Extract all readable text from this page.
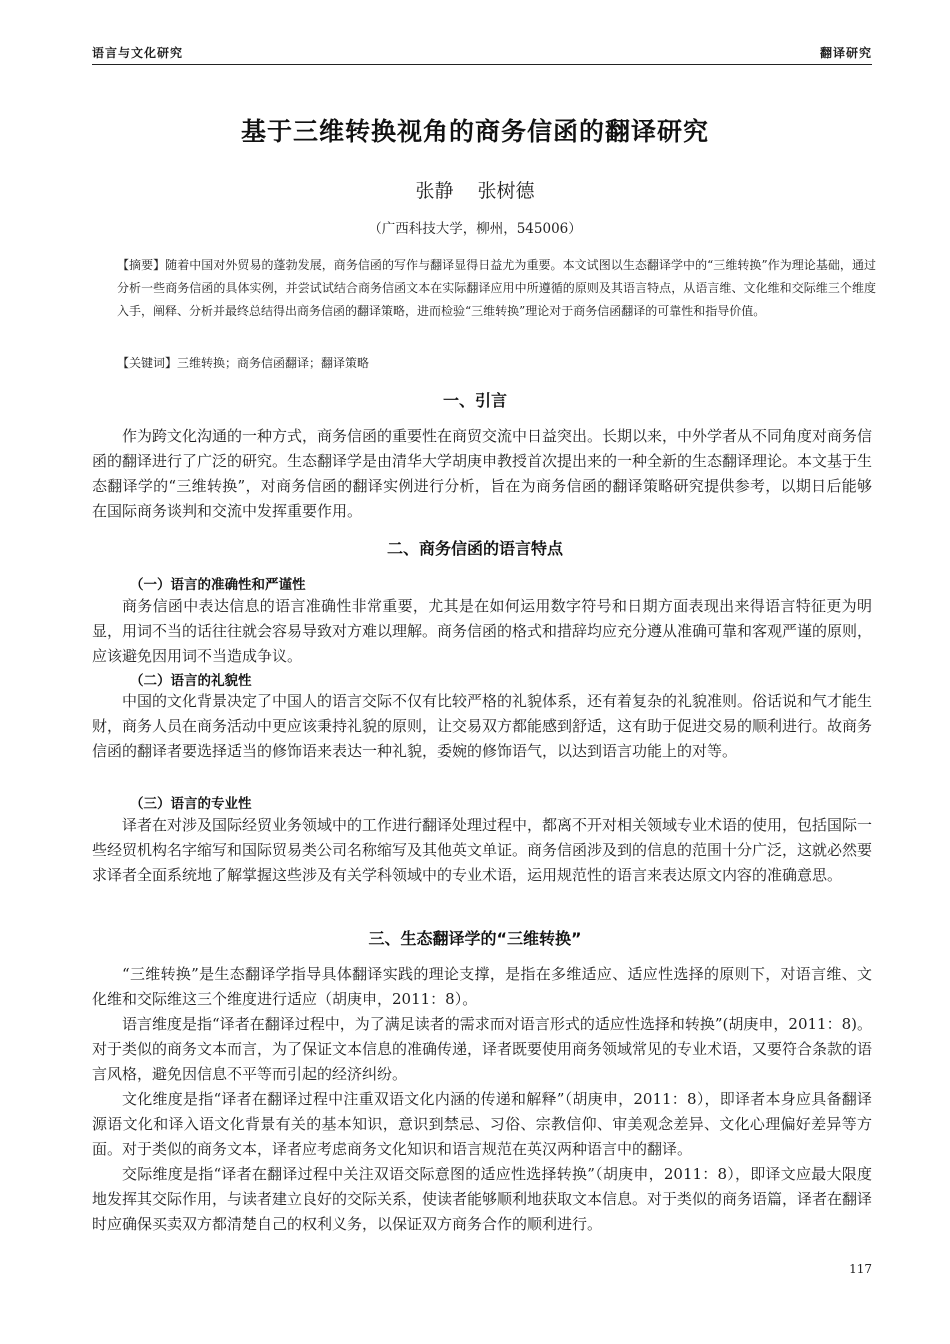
语言与文化研究	翻译研究
基于三维转换视角的商务信函的翻译研究
张静 张树德
（广西科技大学，柳州，545006）

【摘要】随着中国对外贸易的蓬勃发展，商务信函的写作与翻译显得日益尤为重要。本文试图以生态翻译学中的“三维转换”作为理论基础，通过分析一些商务信函的具体实例，并尝试试结合商务信函文本在实际翻译应用中所遵循的原则及其语言特点，从语言维、文化维和交际维三个维度入手，阐释、分析并最终总结得出商务信函的翻译策略，进而检验“三维转换”理论对于商务信函翻译的可靠性和指导价值。

【关键词】三维转换；商务信函翻译；翻译策略
一、引言

作为跨文化沟通的一种方式，商务信函的重要性在商贸交流中日益突出。长期以来，中外学者从不同角度对商务信函的翻译进行了广泛的研究。生态翻译学是由清华大学胡庚申教授首次提出来的一种全新的生态翻译理论。本文基于生态翻译学的“三维转换”，对商务信函的翻译实例进行分析，旨在为商务信函的翻译策略研究提供参考，以期日后能够在国际商务谈判和交流中发挥重要作用。

二、商务信函的语言特点
（一）语言的准确性和严谨性

商务信函中表达信息的语言准确性非常重要，尤其是在如何运用数字符号和日期方面表现出来得语言特征更为明显，用词不当的话往往就会容易导致对方难以理解。商务信函的格式和措辞均应充分遵从准确可靠和客观严谨的原则，应该避免因用词不当造成争议。

（二）语言的礼貌性

中国的文化背景决定了中国人的语言交际不仅有比较严格的礼貌体系，还有着复杂的礼貌准则。俗话说和气才能生财，商务人员在商务活动中更应该秉持礼貌的原则，让交易双方都能感到舒适，这有助于促进交易的顺利进行。故商务信函的翻译者要选择适当的修饰语来表达一种礼貌，委婉的修饰语气，以达到语言功能上的对等。

（三）语言的专业性

译者在对涉及国际经贸业务领域中的工作进行翻译处理过程中，都离不开对相关领域专业术语的使用，包括国际一些经贸机构名字缩写和国际贸易类公司名称缩写及其他英文单证。商务信函涉及到的信息的范围十分广泛，这就必然要求译者全面系统地了解掌握这些涉及有关学科领域中的专业术语，运用规范性的语言来表达原文内容的准确意思。

三、生态翻译学的“三维转换”

“三维转换”是生态翻译学指导具体翻译实践的理论支撑，是指在多维适应、适应性选择的原则下，对语言维、文化维和交际维这三个维度进行适应（胡庚申，2011：8）。

语言维度是指“译者在翻译过程中，为了满足读者的需求而对语言形式的适应性选择和转换”(胡庚申，2011：8)。对于类似的商务文本而言，为了保证文本信息的准确传递，译者既要使用商务领域常见的专业术语，又要符合条款的语言风格，避免因信息不平等而引起的经济纠纷。

文化维度是指“译者在翻译过程中注重双语文化内涵的传递和解释”（胡庚申，2011：8），即译者本身应具备翻译源语文化和译入语文化背景有关的基本知识，意识到禁忌、习俗、宗教信仰、审美观念差异、文化心理偏好差异等方面。对于类似的商务文本，译者应考虑商务文化知识和语言规范在英汉两种语言中的翻译。

交际维度是指“译者在翻译过程中关注双语交际意图的适应性选择转换”（胡庚申，2011：8），即译文应最大限度地发挥其交际作用，与读者建立良好的交际关系，使读者能够顺利地获取文本信息。对于类似的商务语篇，译者在翻译时应确保买卖双方都清楚自己的权利义务，以保证双方商务合作的顺利进行。

117
